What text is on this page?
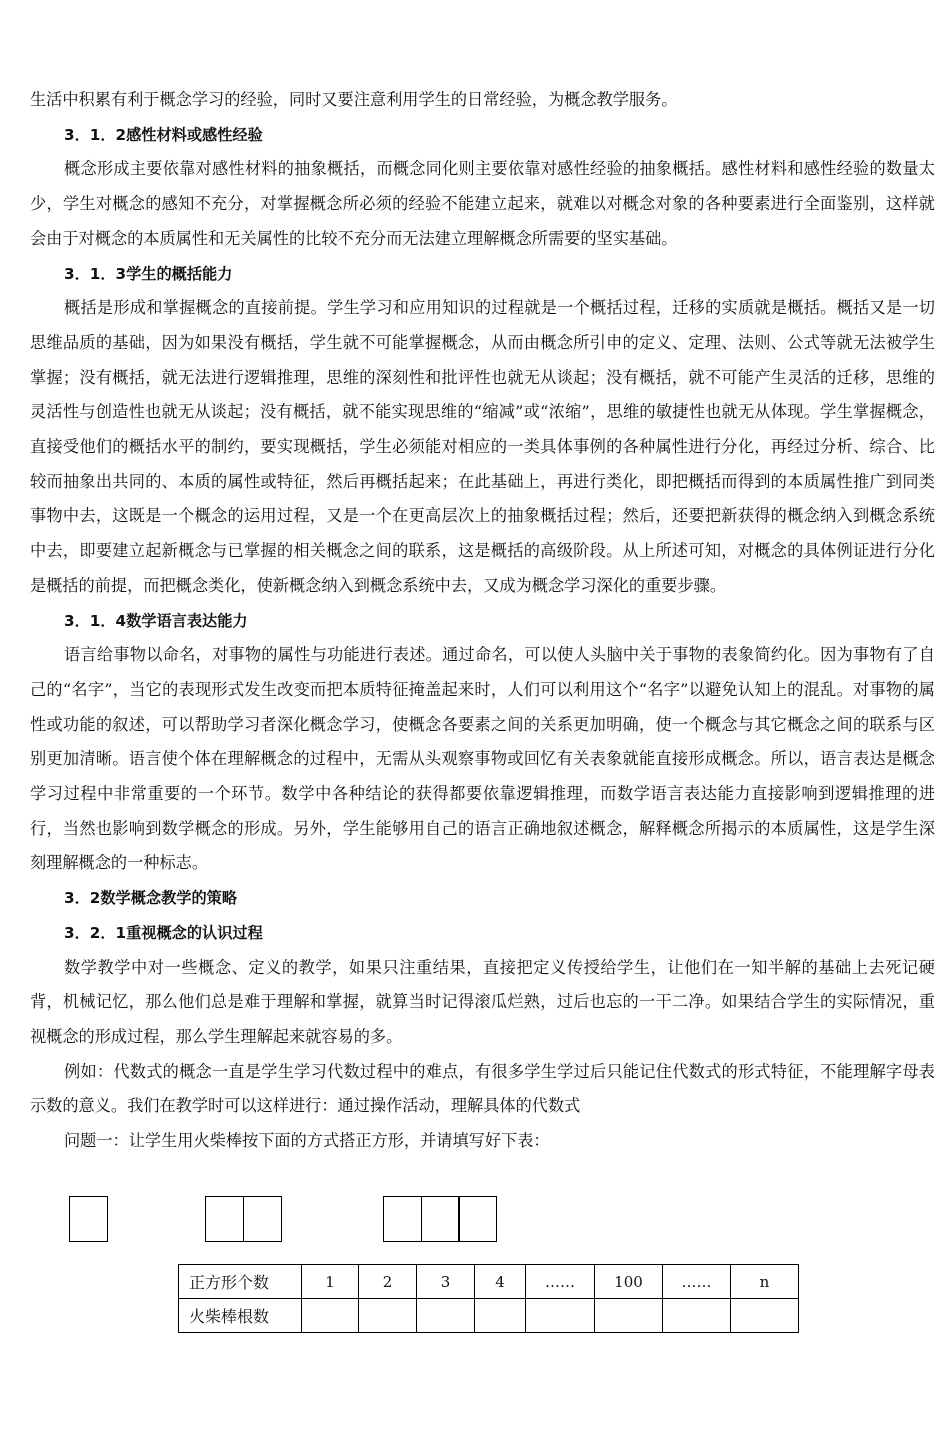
生活中积累有利于概念学习的经验，同时又要注意利用学生的日常经验，为概念教学服务。

3．1．2感性材料或感性经验

概念形成主要依靠对感性材料的抽象概括，而概念同化则主要依靠对感性经验的抽象概括。感性材料和感性经验的数量太少，学生对概念的感知不充分，对掌握概念所必须的经验不能建立起来，就难以对概念对象的各种要素进行全面鉴别，这样就会由于对概念的本质属性和无关属性的比较不充分而无法建立理解概念所需要的坚实基础。

3．1．3学生的概括能力

概括是形成和掌握概念的直接前提。学生学习和应用知识的过程就是一个概括过程，迁移的实质就是概括。概括又是一切思维品质的基础，因为如果没有概括，学生就不可能掌握概念，从而由概念所引申的定义、定理、法则、公式等就无法被学生掌握；没有概括，就无法进行逻辑推理，思维的深刻性和批评性也就无从谈起；没有概括，就不可能产生灵活的迁移，思维的灵活性与创造性也就无从谈起；没有概括，就不能实现思维的“缩减”或“浓缩”，思维的敏捷性也就无从体现。学生掌握概念，直接受他们的概括水平的制约，要实现概括，学生必须能对相应的一类具体事例的各种属性进行分化，再经过分析、综合、比较而抽象出共同的、本质的属性或特征，然后再概括起来；在此基础上，再进行类化，即把概括而得到的本质属性推广到同类事物中去，这既是一个概念的运用过程，又是一个在更高层次上的抽象概括过程；然后，还要把新获得的概念纳入到概念系统中去，即要建立起新概念与已掌握的相关概念之间的联系，这是概括的高级阶段。从上所述可知，对概念的具体例证进行分化是概括的前提，而把概念类化，使新概念纳入到概念系统中去，又成为概念学习深化的重要步骤。

3．1．4数学语言表达能力

语言给事物以命名，对事物的属性与功能进行表述。通过命名，可以使人头脑中关于事物的表象简约化。因为事物有了自己的“名字”，当它的表现形式发生改变而把本质特征掩盖起来时，人们可以利用这个“名字”以避免认知上的混乱。对事物的属性或功能的叙述，可以帮助学习者深化概念学习，使概念各要素之间的关系更加明确，使一个概念与其它概念之间的联系与区别更加清晰。语言使个体在理解概念的过程中，无需从头观察事物或回忆有关表象就能直接形成概念。所以，语言表达是概念学习过程中非常重要的一个环节。数学中各种结论的获得都要依靠逻辑推理，而数学语言表达能力直接影响到逻辑推理的进行，当然也影响到数学概念的形成。另外，学生能够用自己的语言正确地叙述概念，解释概念所揭示的本质属性，这是学生深刻理解概念的一种标志。

3．2数学概念教学的策略

3．2．1重视概念的认识过程

数学教学中对一些概念、定义的教学，如果只注重结果，直接把定义传授给学生，让他们在一知半解的基础上去死记硬背，机械记忆，那么他们总是难于理解和掌握，就算当时记得滚瓜烂熟，过后也忘的一干二净。如果结合学生的实际情况，重视概念的形成过程，那么学生理解起来就容易的多。

例如：代数式的概念一直是学生学习代数过程中的难点，有很多学生学过后只能记住代数式的形式特征，不能理解字母表示数的意义。我们在教学时可以这样进行：通过操作活动，理解具体的代数式

问题一：让学生用火柴棒按下面的方式搭正方形，并请填写好下表：

正方形个数	1	2	3	4	……	100	……	n
火柴棒根数								
